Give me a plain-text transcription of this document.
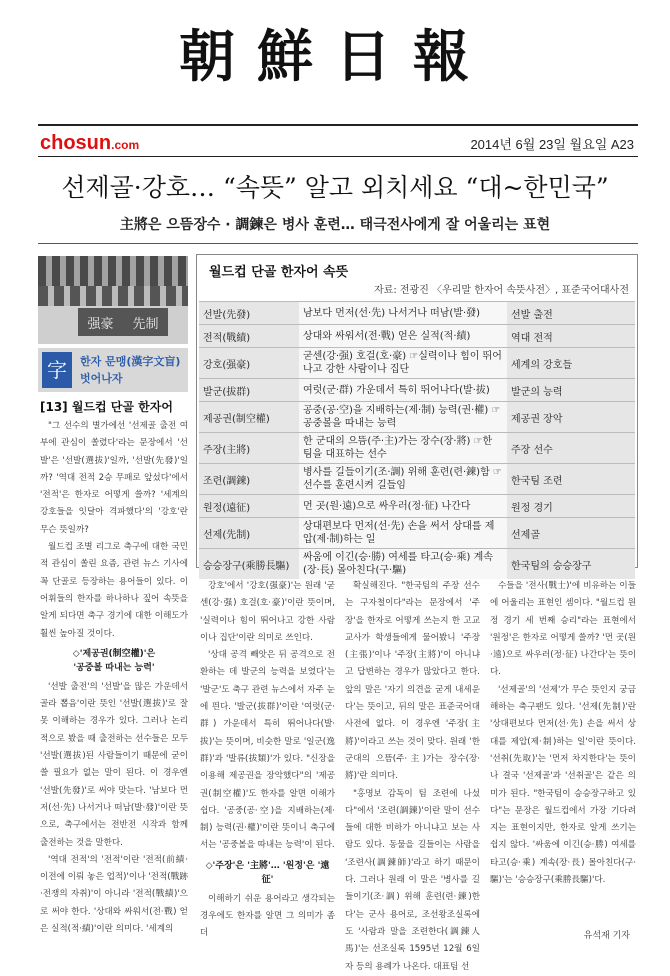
朝鮮日報
chosun.com	2014년 6월 23일 월요일 A23
선제골·강호… “속뜻” 알고 외치세요 “대~한민국”
主將은 으뜸장수 · 調鍊은 병사 훈련… 태극전사에게 잘 어울리는 표현
强豪 先制
字	한자 문맹(漢字文盲)
벗어나자
[13] 월드컵 단골 한자어
월드컵 단골 한자어 속뜻
자료: 전광진 〈우리말 한자어 속뜻사전〉, 표준국어대사전
선발(先發)	남보다 먼저(선·先) 나서거나 떠남(발·發)	선발 출전
전적(戰績)	상대와 싸워서(전·戰) 얻은 실적(적·績)	역대 전적
강호(强豪)	굳센(강·强) 호걸(호·豪) ☞실력이나 힘이 뛰어나고 강한 사람이나 집단	세계의 강호들
발군(拔群)	여럿(군·群) 가운데서 특히 뛰어나다(발·拔)	발군의 능력
제공권(制空權)	공중(공·空)을 지배하는(제·制) 능력(권·權) ☞공중볼을 따내는 능력	제공권 장악
주장(主將)	한 군대의 으뜸(주·主)가는 장수(장·將) ☞한 팀을 대표하는 선수	주장 선수
조련(調鍊)	병사를 길들이기(조·調) 위해 훈련(련·鍊)함 ☞선수를 훈련시켜 길들임	한국팀 조련
원정(遠征)	먼 곳(원·遠)으로 싸우러(정·征) 나간다	원정 경기
선제(先制)	상대편보다 먼저(선·先) 손을 써서 상대를 제압(제·制)하는 일	선제골
승승장구(乘勝長驅)	싸움에 이긴(승·勝) 여세를 타고(승·乘) 계속(장·長) 몰아친다(구·驅)	한국팀의 승승장구

"그 선수의 별가에선 '선제골 출전 여부에 관심이 쏠렸다'라는 문장에서 '선발'은 '선발(選拔)'일까, '선발(先發)'일까? '역대 전적 2승 무패로 앞섰다'에서 '전적'은 한자로 어떻게 쓸까? '세계의 강호들을 잇달아 격파했다'의 '강호'란 무슨 뜻일까?

월드컵 조별 리그로 축구에 대한 국민적 관심이 쏠린 요즘, 관련 뉴스 기사에 꼭 단골로 등장하는 용어들이 있다. 이 어휘들의 한자를 하나하나 짚어 속뜻을 알게 되다면 축구 경기에 대한 이해도가 훨씬 높아질 것이다.

◇'제공권(制空權)'은
'공중볼 따내는 능력'

'선발 출전'의 '선발'을 많은 가운데서 골라 뽑음'이란 뜻인 '선발(選拔)'로 잘못 이해하는 경우가 있다. 그러나 논리적으로 봤을 때 출전하는 선수들은 모두 '선발(選拔)된 사람들이기 때문에 굳이 쓸 필요가 없는 말이 된다. 이 경우엔 '선발(先發)'로 써야 맞는다. '남보다 먼저(선·先) 나서거나 떠남(발·發)'이란 뜻으로, 축구에서는 전반전 시작과 함께 출전하는 것을 말한다.

'역대 전적'의 '전적'이란 '전적(前績·이전에 이뤄 놓은 업적)'이나 '전적(戰跡·전쟁의 자취)'이 아니라 '전적(戰績)'으로 써야 한다. '상대와 싸워서(전·戰) 얻은 실적(적·績)'이란 의미다. '세계의

강호'에서 '강호(强豪)'는 원래 '굳센(강·强) 호걸(호·豪)'이란 뜻이며, '실력이나 힘이 뛰어나고 강한 사람이나 집단'이란 의미로 쓰인다.

'상대 공격 빼앗은 뒤 공격으로 전환하는 데 발군의 능력을 보였다'는 '발군'도 축구 관련 뉴스에서 자주 눈에 띈다. '발군(拔群)'이란 '여럿(군·群) 가운데서 특히 뛰어나다(발·拔)'는 뜻이며, 비슷한 말로 '일군(逸群)'과 '발류(拔類)'가 있다. "신장을 이용해 제공권을 장악했다"의 '제공권(制空權)'도 한자를 알면 이해가 쉽다. '공중(공·空)을 지배하는(제·制) 능력(권·權)'이란 뜻이니 축구에서는 '공중볼을 따내는 능력'이 된다.

◇'주장'은 '主將'… '원정'은 '遠征'

이해하기 쉬운 용어라고 생각되는 경우에도 한자를 알면 그 의미가 좀 더

확실해진다. "한국팀의 주장 선수는 구자철이다"라는 문장에서 '주장'을 한자로 어떻게 쓰는지 한 고교 교사가 학생들에게 물어봤니 '주장(主張)'이나 '주장(主將)'이 아니냐고 답변하는 경우가 많았다고 한다. 앞의 말은 '자기 의견을 굳게 내세운다'는 뜻이고, 뒤의 말은 표준국어대사전에 없다. 이 경우엔 '주장(主將)'이라고 쓰는 것이 맞다. 원래 '한 군대의 으뜸(주·主)가는 장수(장·將)'란 의미다.

"홍명보 감독이 팀 조련에 나섰다"에서 '조련(調鍊)'이란 말이 선수들에 대한 비하가 아니냐고 보는 사람도 있다. 동물을 길들이는 사람을 '조련사(調鍊師)'라고 하기 때문이다. 그러나 원래 이 말은 '병사를 길들이기(조·調) 위해 훈련(련·鍊)한다'는 군사 용어로, 조선왕조실록에도 '사람과 말을 조련한다(調鍊人馬)'는 선조실록 1595년 12월 6일자 등의 용례가 나온다. 대표팀 선

수들을 '전사(戰士)'에 비유하는 이들에 어울리는 표현인 셈이다. "월드컵 원정 경기 세 번째 승리"라는 표현에서 '원정'은 한자로 어떻게 쓸까? '먼 곳(원·遠)으로 싸우러(정·征) 나간다'는 뜻이다.

'선제골'의 '선제'가 무슨 뜻인지 궁금해하는 축구팬도 있다. '선제(先制)'란 '상대편보다 먼저(선·先) 손을 써서 상대를 제압(제·制)하는 일'이란 뜻이다. '선취(先取)'는 '먼저 차지한다'는 뜻이나 결국 '선제골'과 '선취골'은 같은 의미가 된다. "한국팀이 승승장구하고 있다"는 문장은 월드컵에서 가장 기다려지는 표현이지만, 한자로 알게 쓰기는 쉽지 않다. '싸움에 이긴(승·勝) 여세를 타고(승·乘) 계속(장·長) 몰아친다(구·驅)'는 '승승장구(乘勝長驅)'다.

유석재 기자
